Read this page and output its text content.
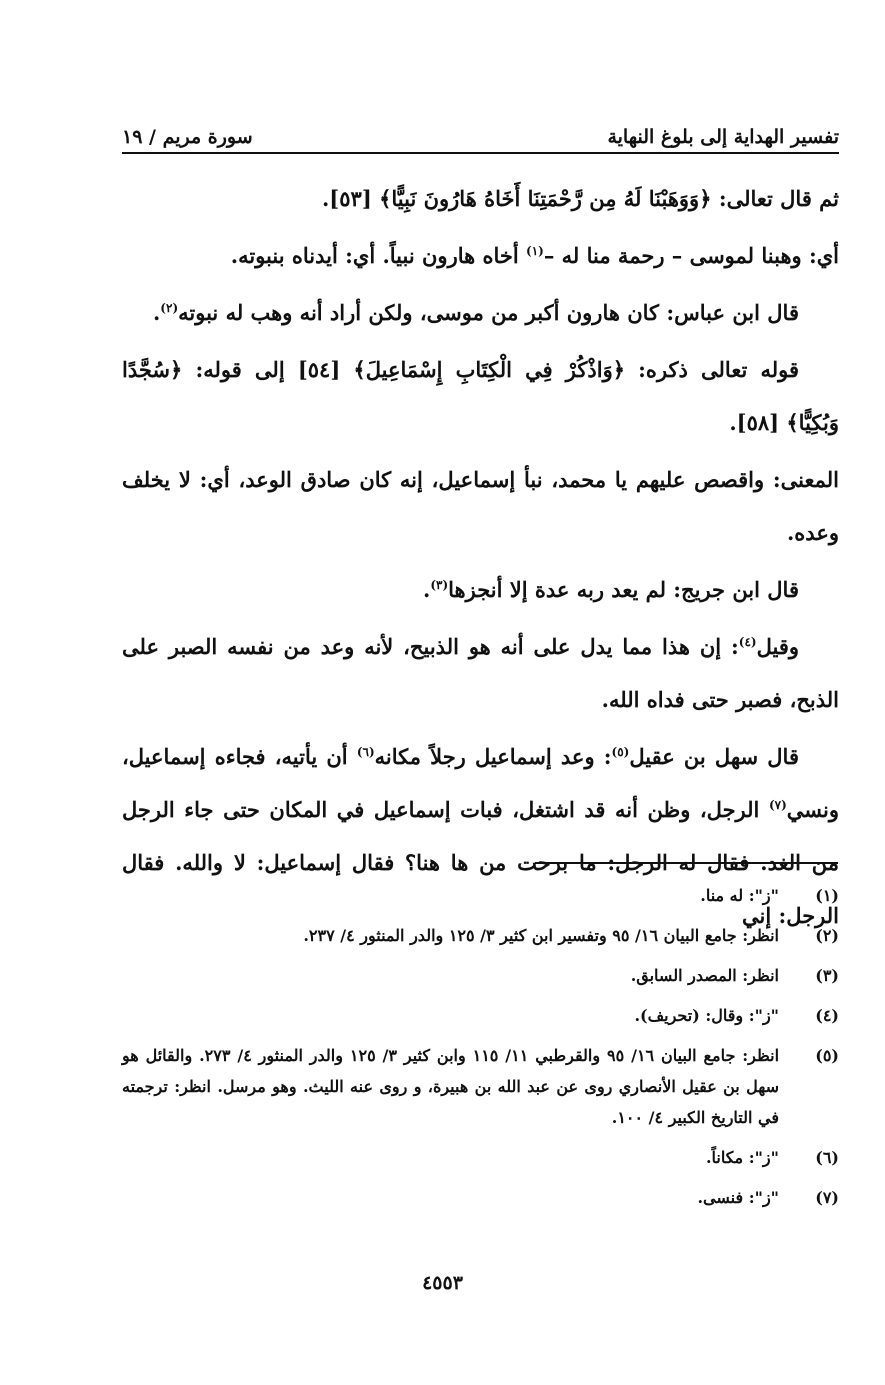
تفسير الهداية إلى بلوغ النهاية
سورة مريم / ١٩

ثم قال تعالى: ﴿وَوَهَبْنَا لَهُ مِن رَّحْمَتِنَا أَخَاهُ هَارُونَ نَبِيًّا﴾ [٥٣].

أي: وهبنا لموسى – رحمة منا له –$^{(١)}$ أخاه هارون نبياً. أي: أيدناه بنبوته.

قال ابن عباس: كان هارون أكبر من موسى، ولكن أراد أنه وهب له نبوته$^{(٢)}$.

قوله تعالى ذكره: ﴿وَاذْكُرْ فِي الْكِتَابِ إِسْمَاعِيلَ﴾ [٥٤] إلى قوله: ﴿سُجَّدًا وَبُكِيًّا﴾ [٥٨].

المعنى: واقصص عليهم يا محمد، نبأ إسماعيل، إنه كان صادق الوعد، أي: لا يخلف وعده.

قال ابن جريج: لم يعد ربه عدة إلا أنجزها$^{(٣)}$.

وقيل$^{(٤)}$: إن هذا مما يدل على أنه هو الذبيح، لأنه وعد من نفسه الصبر على الذبح، فصبر حتى فداه الله.

قال سهل بن عقيل$^{(٥)}$: وعد إسماعيل رجلاً مكانه$^{(٦)}$ أن يأتيه، فجاءه إسماعيل، ونسي$^{(٧)}$ الرجل، وظن أنه قد اشتغل، فبات إسماعيل في المكان حتى جاء الرجل من الغد. فقال له الرجل: ما برحت من ها هنا؟ فقال إسماعيل: لا والله. فقال الرجل: إني

(١)
"ز": له منا.
(٢)
انظر: جامع البيان ١٦/ ٩٥ وتفسير ابن كثير ٣/ ١٢٥ والدر المنثور ٤/ ٢٣٧.
(٣)
انظر: المصدر السابق.
(٤)
"ز": وقال: (تحريف).
(٥)
انظر: جامع البيان ١٦/ ٩٥ والقرطبي ١١/ ١١٥ وابن كثير ٣/ ١٢٥ والدر المنثور ٤/ ٢٧٣. والقائل هو سهل بن عقيل الأنصاري روى عن عبد الله بن هبيرة، و روى عنه الليث. وهو مرسل. انظر: ترجمته في التاريخ الكبير ٤/ ١٠٠.
(٦)
"ز": مكاناً.
(٧)
"ز": فنسى.
٤٥٥٣
